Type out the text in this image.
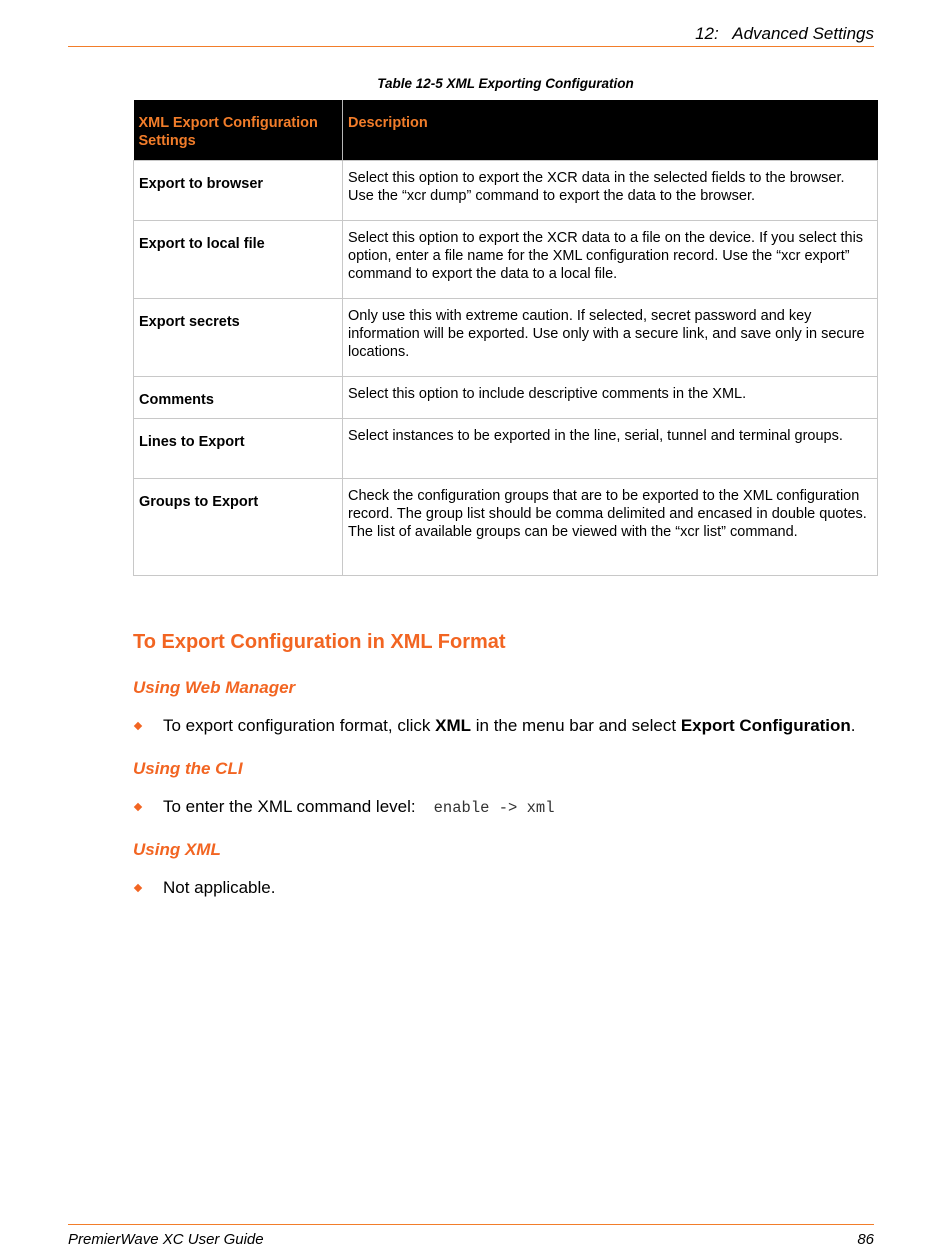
12:   Advanced Settings
Table 12-5 XML Exporting Configuration
XML Export Configuration Settings	Description
Export to browser	Select this option to export the XCR data in the selected fields to the browser. Use the “xcr dump” command to export the data to the browser.
Export to local file	Select this option to export the XCR data to a file on the device. If you select this option, enter a file name for the XML configuration record. Use the “xcr export” command to export the data to a local file.
Export secrets	Only use this with extreme caution. If selected, secret password and key information will be exported. Use only with a secure link, and save only in secure locations.
Comments	Select this option to include descriptive comments in the XML.
Lines to Export	Select instances to be exported in the line, serial, tunnel and terminal groups.
Groups to Export	Check the configuration groups that are to be exported to the XML configuration record. The group list should be comma delimited and encased in double quotes. The list of available groups can be viewed with the “xcr list” command.
To Export Configuration in XML Format
Using Web Manager
To export configuration format, click XML in the menu bar and select Export Configuration.
Using the CLI
To enter the XML command level: enable -> xml
Using XML
Not applicable.
PremierWave XC User Guide	86
